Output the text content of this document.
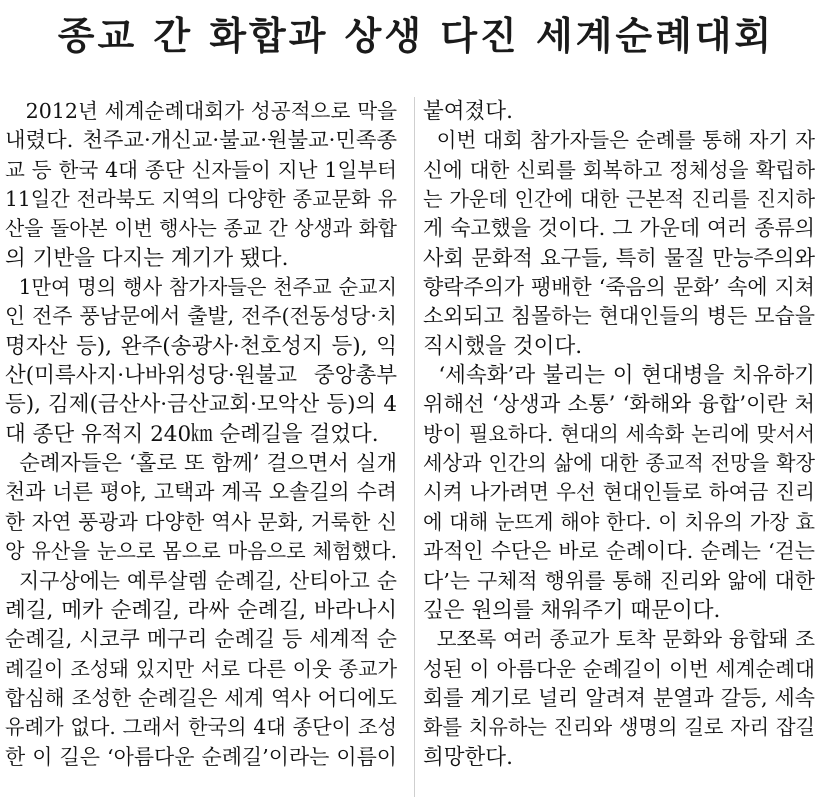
종교 간 화합과 상생 다진 세계순례대회
2012년 세계순례대회가 성공적으로 막을
내렸다. 천주교·개신교·불교·원불교·민족종
교 등 한국 4대 종단 신자들이 지난 1일부터
11일간 전라북도 지역의 다양한 종교문화 유
산을 돌아본 이번 행사는 종교 간 상생과 화합
의 기반을 다지는 계기가 됐다.
1만여 명의 행사 참가자들은 천주교 순교지
인 전주 풍남문에서 출발, 전주(전동성당·치
명자산 등), 완주(송광사·천호성지 등), 익
산(미륵사지·나바위성당·원불교 중앙총부
등), 김제(금산사·금산교회·모악산 등)의 4
대 종단 유적지 240㎞ 순례길을 걸었다.
순례자들은 ‘홀로 또 함께’ 걸으면서 실개
천과 너른 평야, 고택과 계곡 오솔길의 수려
한 자연 풍광과 다양한 역사 문화, 거룩한 신
앙 유산을 눈으로 몸으로 마음으로 체험했다.
지구상에는 예루살렘 순례길, 산티아고 순
례길, 메카 순례길, 라싸 순례길, 바라나시
순례길, 시코쿠 메구리 순례길 등 세계적 순
례길이 조성돼 있지만 서로 다른 이웃 종교가
합심해 조성한 순례길은 세계 역사 어디에도
유례가 없다. 그래서 한국의 4대 종단이 조성
한 이 길은 ‘아름다운 순례길’이라는 이름이
붙여졌다.
이번 대회 참가자들은 순례를 통해 자기 자
신에 대한 신뢰를 회복하고 정체성을 확립하
는 가운데 인간에 대한 근본적 진리를 진지하
게 숙고했을 것이다. 그 가운데 여러 종류의
사회 문화적 요구들, 특히 물질 만능주의와
향락주의가 팽배한 ‘죽음의 문화’ 속에 지쳐
소외되고 침몰하는 현대인들의 병든 모습을
직시했을 것이다.
‘세속화’라 불리는 이 현대병을 치유하기
위해선 ‘상생과 소통’ ‘화해와 융합’이란 처
방이 필요하다. 현대의 세속화 논리에 맞서서
세상과 인간의 삶에 대한 종교적 전망을 확장
시켜 나가려면 우선 현대인들로 하여금 진리
에 대해 눈뜨게 해야 한다. 이 치유의 가장 효
과적인 수단은 바로 순례이다. 순례는 ‘걷는
다’는 구체적 행위를 통해 진리와 앎에 대한
깊은 원의를 채워주기 때문이다.
모쪼록 여러 종교가 토착 문화와 융합돼 조
성된 이 아름다운 순례길이 이번 세계순례대
회를 계기로 널리 알려져 분열과 갈등, 세속
화를 치유하는 진리와 생명의 길로 자리 잡길
희망한다.
